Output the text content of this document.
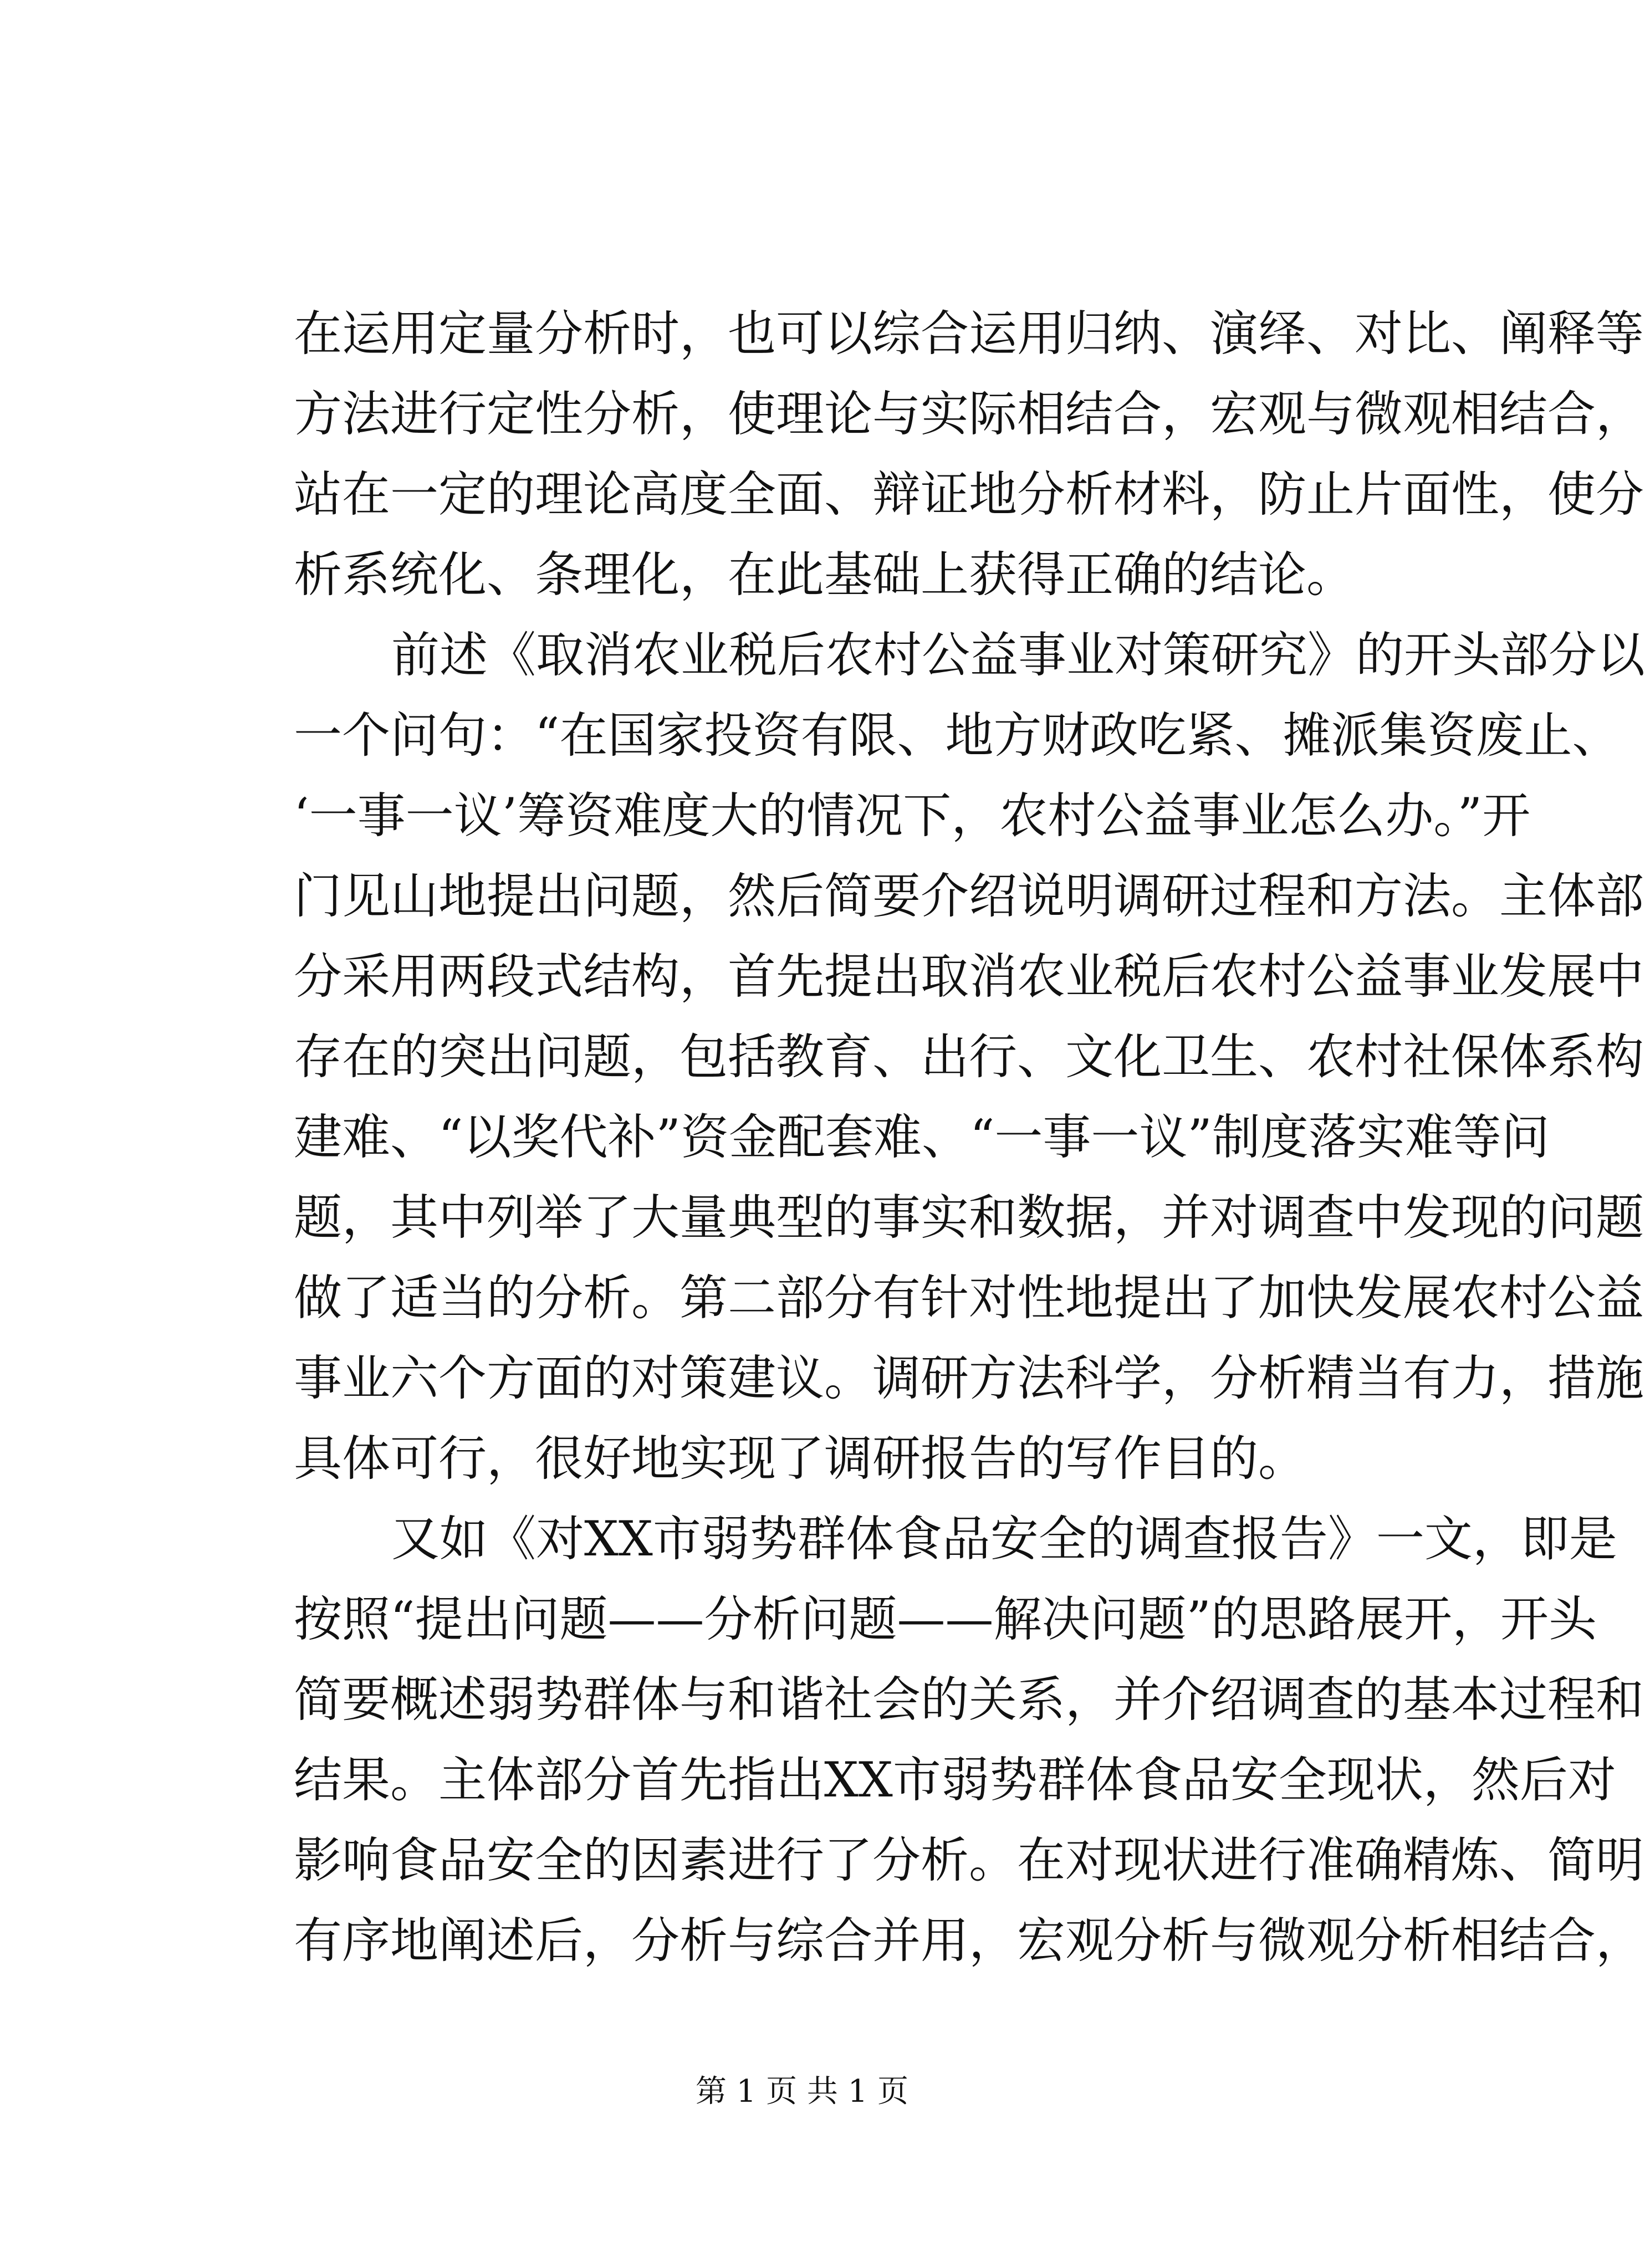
在运用定量分析时，也可以综合运用归纳、演绎、对比、阐释等
方法进行定性分析，使理论与实际相结合，宏观与微观相结合，
站在一定的理论高度全面、辩证地分析材料，防止片面性，使分
析系统化、条理化，在此基础上获得正确的结论。
前述《取消农业税后农村公益事业对策研究》的开头部分以
一个问句：“在国家投资有限、地方财政吃紧、摊派集资废止、
‘一事一议’筹资难度大的情况下，农村公益事业怎么办。”开
门见山地提出问题，然后简要介绍说明调研过程和方法。主体部
分采用两段式结构，首先提出取消农业税后农村公益事业发展中
存在的突出问题，包括教育、出行、文化卫生、农村社保体系构
建难、“以奖代补”资金配套难、“一事一议”制度落实难等问
题，其中列举了大量典型的事实和数据，并对调查中发现的问题
做了适当的分析。第二部分有针对性地提出了加快发展农村公益
事业六个方面的对策建议。调研方法科学，分析精当有力，措施
具体可行，很好地实现了调研报告的写作目的。
又如《对XX市弱势群体食品安全的调查报告》一文，即是
按照“提出问题——分析问题——解决问题”的思路展开，开头
简要概述弱势群体与和谐社会的关系，并介绍调查的基本过程和
结果。主体部分首先指出XX市弱势群体食品安全现状，然后对
影响食品安全的因素进行了分析。在对现状进行准确精炼、简明
有序地阐述后，分析与综合并用，宏观分析与微观分析相结合，
第 1 页 共 1 页
